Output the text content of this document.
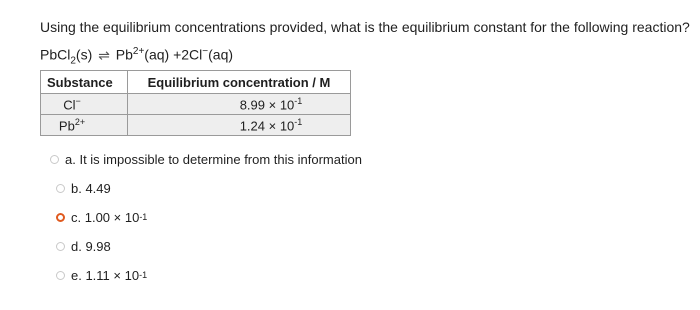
Using the equilibrium concentrations provided, what is the equilibrium constant for the following reaction?
PbCl$_2$(s) ⇌ $Pb^{2+}(aq) +2Cl^-(aq)$
Substance	Equilibrium concentration / M
Cl−	$8.99 \times 10^{-1}$
$Pb^{2+}$	$1.24 \times 10^{-1}$
a. It is impossible to determine from this information
b. 4.49
c. 1.00 × 10 -1
d. 9.98
e. 1.11 × 10 -1
